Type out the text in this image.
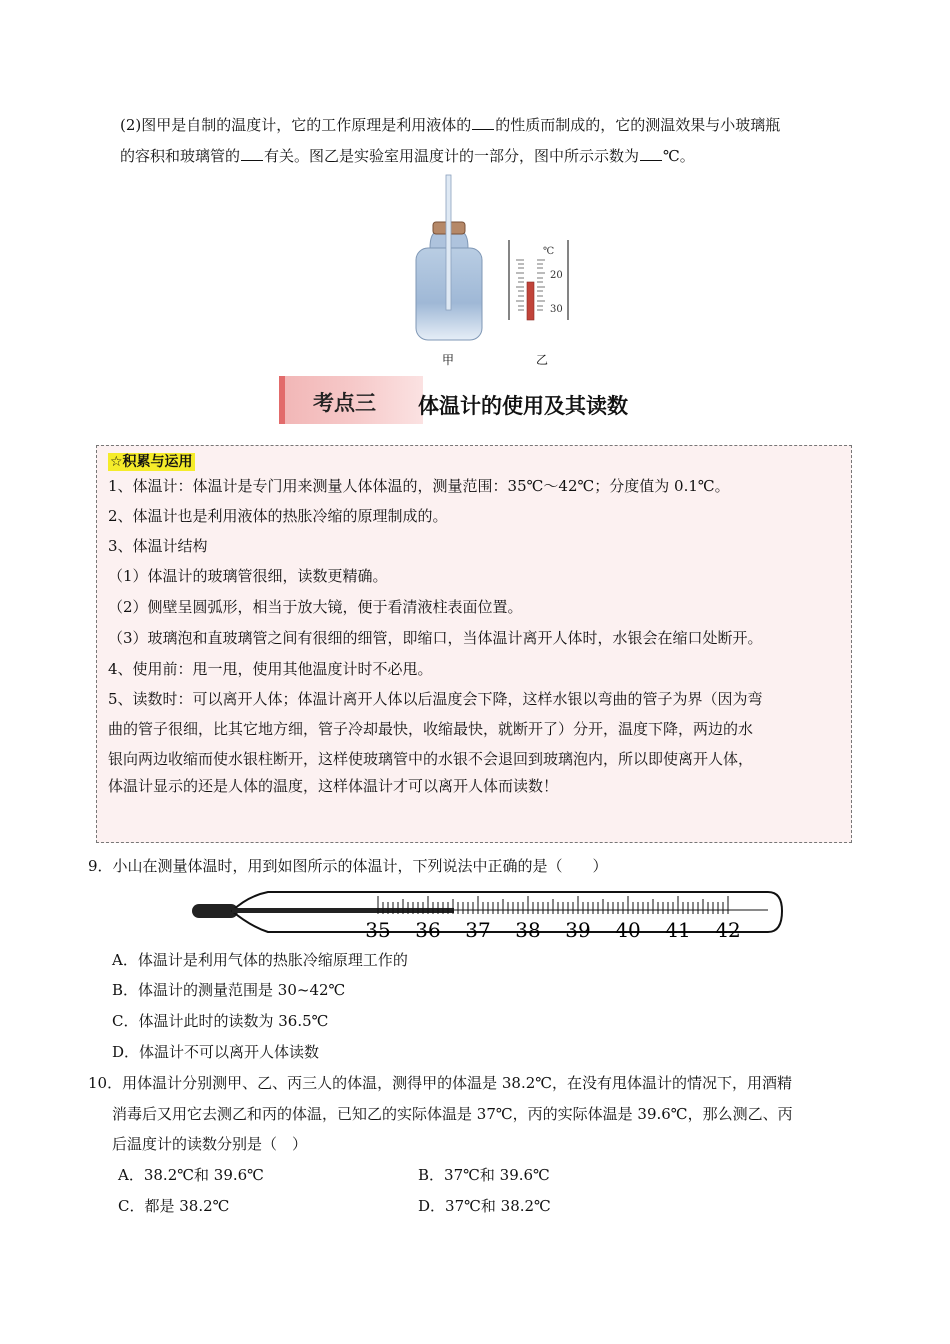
(2)图甲是自制的温度计，它的工作原理是利用液体的 的性质而制成的，它的测温效果与小玻璃瓶
的容积和玻璃管的 有关。图乙是实验室用温度计的一部分，图中所示示数为 ℃。
℃
20
30
甲	乙
考点三 体温计的使用及其读数
☆积累与运用
1、体温计：体温计是专门用来测量人体体温的，测量范围：35℃～42℃；分度值为 0.1℃。
2、体温计也是利用液体的热胀冷缩的原理制成的。
3、体温计结构
（1）体温计的玻璃管很细，读数更精确。
（2）侧壁呈圆弧形，相当于放大镜，便于看清液柱表面位置。
（3）玻璃泡和直玻璃管之间有很细的细管，即缩口，当体温计离开人体时，水银会在缩口处断开。
4、使用前：甩一甩，使用其他温度计时不必甩。
5、读数时：可以离开人体；体温计离开人体以后温度会下降，这样水银以弯曲的管子为界（因为弯
曲的管子很细，比其它地方细，管子冷却最快，收缩最快，就断开了）分开，温度下降，两边的水
银向两边收缩而使水银柱断开，这样使玻璃管中的水银不会退回到玻璃泡内，所以即使离开人体，
体温计显示的还是人体的温度，这样体温计才可以离开人体而读数！
9．小山在测量体温时，用到如图所示的体温计，下列说法中正确的是（　　）
35 36 37 38 39 40 41 42
A．体温计是利用气体的热胀冷缩原理工作的
B．体温计的测量范围是 30~42℃
C．体温计此时的读数为 36.5℃
D．体温计不可以离开人体读数
10．用体温计分别测甲、乙、丙三人的体温，测得甲的体温是 38.2℃，在没有甩体温计的情况下，用酒精
消毒后又用它去测乙和丙的体温，已知乙的实际体温是 37℃，丙的实际体温是 39.6℃，那么测乙、丙
后温度计的读数分别是（　）
A．38.2℃和 39.6℃	B．37℃和 39.6℃
C．都是 38.2℃	D．37℃和 38.2℃
